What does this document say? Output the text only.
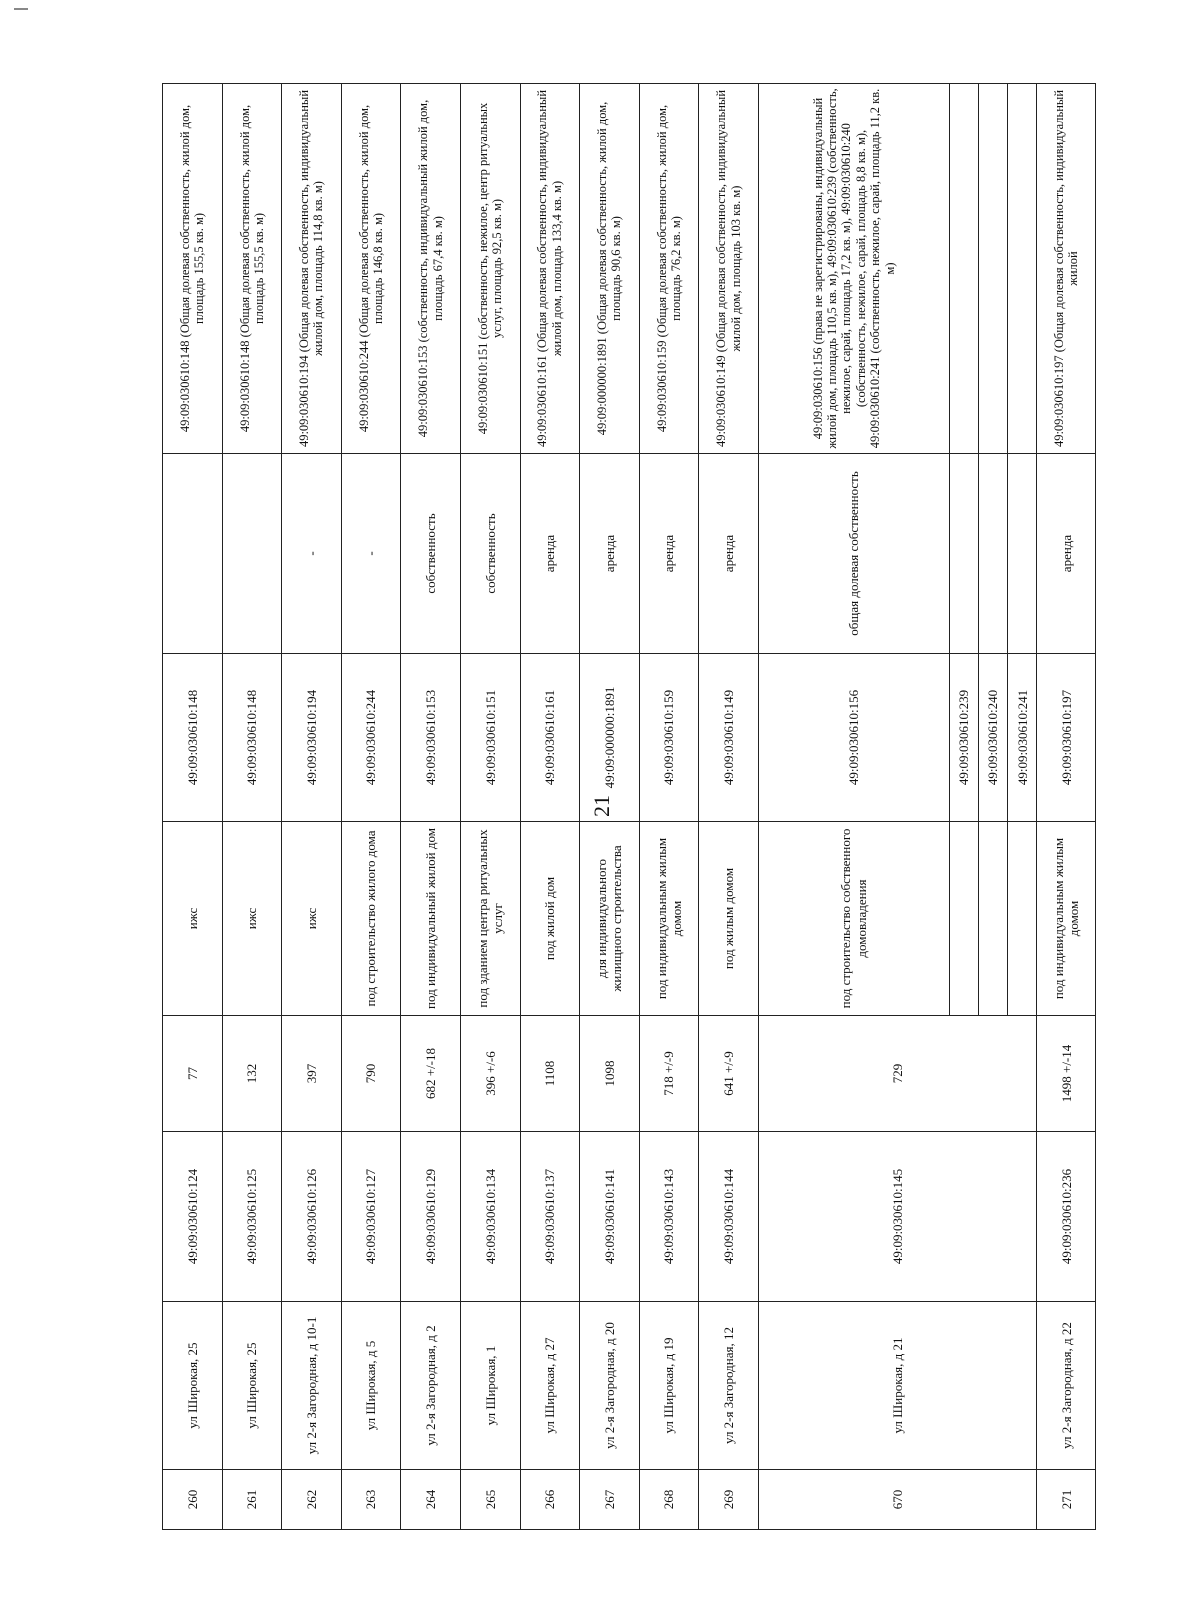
21
260	ул Широкая, 25	49:09:030610:124	77	ижс	49:09:030610:148		49:09:030610:148 (Общая долевая собственность, жилой дом, площадь 155,5 кв. м)
261	ул Широкая, 25	49:09:030610:125	132	ижс	49:09:030610:148		49:09:030610:148 (Общая долевая собственность, жилой дом, площадь 155,5 кв. м)
262	ул 2-я Загородная, д 10-1	49:09:030610:126	397	ижс	49:09:030610:194	-	49:09:030610:194 (Общая долевая собственность, индивидуальный жилой дом, площадь 114,8 кв. м)
263	ул Широкая, д 5	49:09:030610:127	790	под строительство жилого дома	49:09:030610:244	-	49:09:030610:244 (Общая долевая собственность, жилой дом, площадь 146,8 кв. м)
264	ул 2-я Загородная, д 2	49:09:030610:129	682 +/-18	под индивидуальный жилой дом	49:09:030610:153	собственность	49:09:030610:153 (собственность, индивидуальный жилой дом, площадь 67,4 кв. м)
265	ул Широкая, 1	49:09:030610:134	396 +/-6	под зданием центра ритуальных услуг	49:09:030610:151	собственность	49:09:030610:151 (собственность, нежилое, центр ритуальных услуг, площадь 92,5 кв. м)
266	ул Широкая, д 27	49:09:030610:137	1108	под жилой дом	49:09:030610:161	аренда	49:09:030610:161 (Общая долевая собственность, индивидуальный жилой дом, площадь 133,4 кв. м)
267	ул 2-я Загородная, д 20	49:09:030610:141	1098	для индивидуального жилищного строительства	49:09:000000:1891	аренда	49:09:000000:1891 (Общая долевая собственность, жилой дом, площадь 90,6 кв. м)
268	ул Широкая, д 19	49:09:030610:143	718 +/-9	под индивидуальным жилым домом	49:09:030610:159	аренда	49:09:030610:159 (Общая долевая собственность, жилой дом, площадь 76,2 кв. м)
269	ул 2-я Загородная, 12	49:09:030610:144	641 +/-9	под жилым домом	49:09:030610:149	аренда	49:09:030610:149 (Общая долевая собственность, индивидуальный жилой дом, площадь 103 кв. м)
670	ул Широкая, д 21	49:09:030610:145	729	под строительство собственного домовладения	49:09:030610:156	общая долевая собственность	49:09:030610:156 (права не зарегистрированы, индивидуальный жилой дом, площадь 110,5 кв. м), 49:09:030610:239 (собственность, нежилое, сарай, площадь 17,2 кв. м), 49:09:030610:240 (собственность, нежилое, сарай, площадь 8,8 кв. м), 49:09:030610:241 (собственность, нежилое, сарай, площадь 11,2 кв. м)
					49:09:030610:239		
					49:09:030610:240		
					49:09:030610:241		
271	ул 2-я Загородная, д 22	49:09:030610:236	1498 +/-14	под индивидуальным жилым домом	49:09:030610:197	аренда	49:09:030610:197 (Общая долевая собственность, индивидуальный жилой
